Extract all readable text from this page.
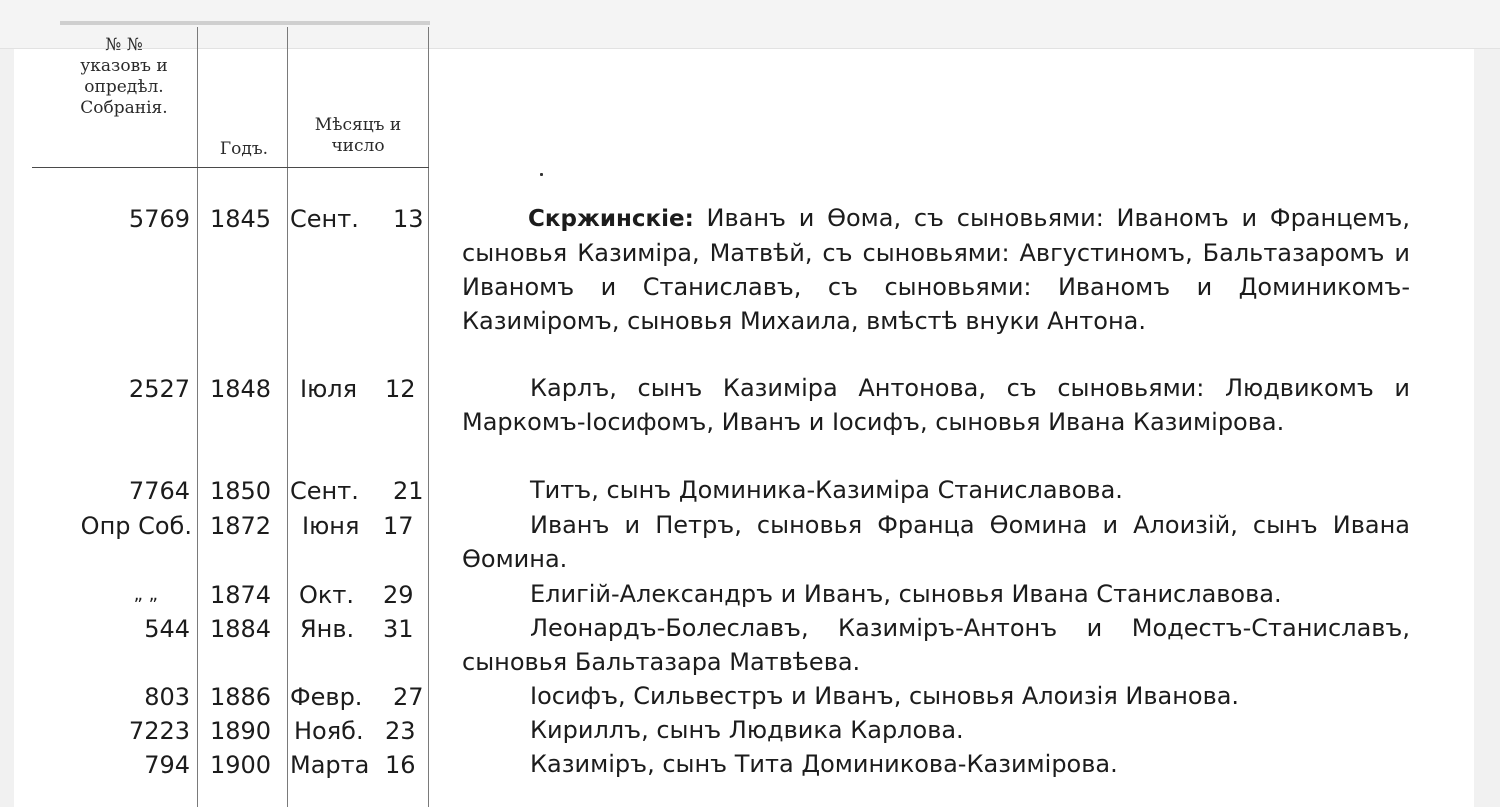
№ №
указовъ и
опредѣл.
Собранія.
Годъ.
Мѣсяцъ и число
5769 1845 Сент. 13
2527 1848 Іюля 12
7764 1850 Сент. 21
Опр Соб. 1872 Іюня 17
„ „ 1874 Окт. 29
544 1884 Янв. 31
803 1886 Февр. 27
7223 1890 Нояб. 23
794 1900 Марта 16

Скржинскіе: Иванъ и Ѳома, съ сыновьями: Иваномъ и Францемъ, сыновья Казиміра, Матвѣй, съ сыновьями: Августиномъ, Бальтазаромъ и Иваномъ и Станиславъ, съ сыновьями: Иваномъ и Доминикомъ-Казиміромъ, сыновья Михаила, вмѣстѣ внуки Антона.

Карлъ, сынъ Казиміра Антонова, съ сыновьями: Людвикомъ и Маркомъ-Іосифомъ, Иванъ и Іосифъ, сыновья Ивана Казимірова.

Титъ, сынъ Доминика-Казиміра Станиславова.

Иванъ и Петръ, сыновья Франца Ѳомина и Алоизій, сынъ Ивана Ѳомина.

Елигій-Александръ и Иванъ, сыновья Ивана Станиславова.

Леонардъ-Болеславъ, Казиміръ-Антонъ и Модестъ-Станиславъ, сыновья Бальтазара Матвѣева.

Іосифъ, Сильвестръ и Иванъ, сыновья Алоизія Иванова.

Кириллъ, сынъ Людвика Карлова.

Казиміръ, сынъ Тита Доминикова-Казимірова.
